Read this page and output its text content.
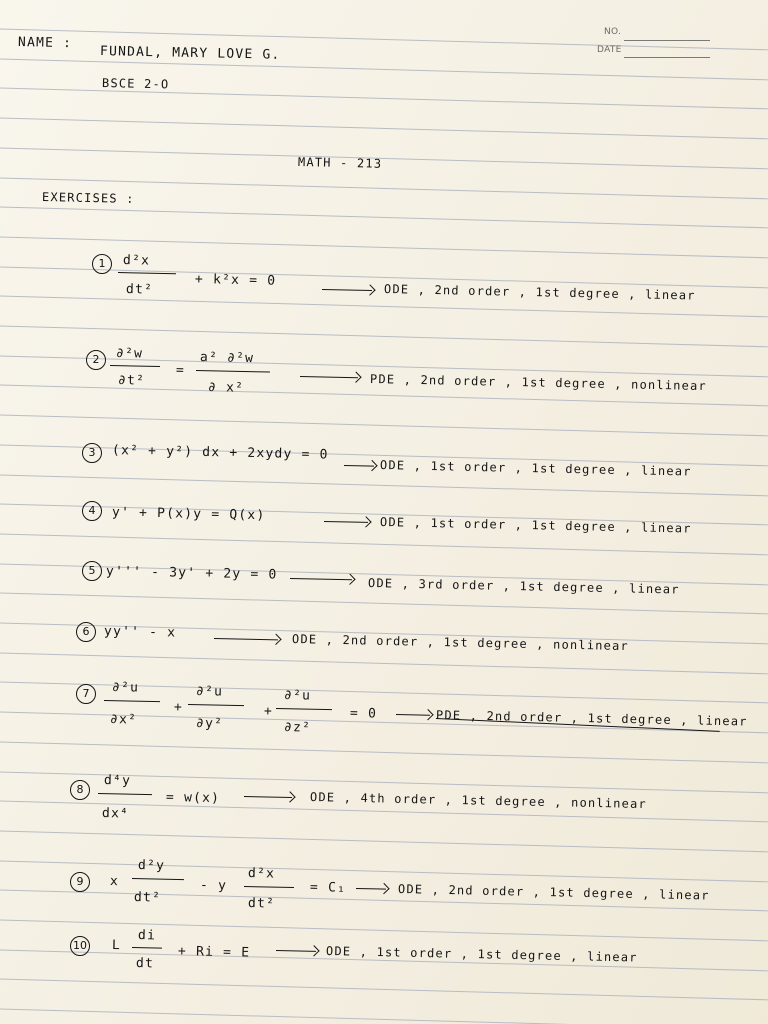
NO.
DATE
NAME :
FUNDAL, MARY LOVE G.
BSCE 2-O
MATH - 213
EXERCISES :
1	d²x
dt²
+ k²x = 0
ODE , 2nd order , 1st degree , linear
2	∂²w
∂t²
=
a² ∂²w
∂ x²	PDE , 2nd order , 1st degree , nonlinear
3	(x² + y²) dx + 2xydy = 0
ODE , 1st order , 1st degree , linear
4	y' + P(x)y = Q(x)
ODE , 1st order , 1st degree , linear
5 y''' - 3y' + 2y = 0
ODE , 3rd order , 1st degree , linear
6	yy'' - x	ODE , 2nd order , 1st degree , nonlinear
7	∂²u
∂x²
+
∂²u
∂y²
+
∂²u
∂z²
= 0	PDE , 2nd order , 1st degree , linear
8
d⁴y
dx⁴
= w(x)	ODE , 4th order , 1st degree , nonlinear
9	x
d²y
dt²
- y
d²x
dt²
= C₁	ODE , 2nd order , 1st degree , linear
10 L
di
dt
+ Ri = E	ODE , 1st order , 1st degree , linear
